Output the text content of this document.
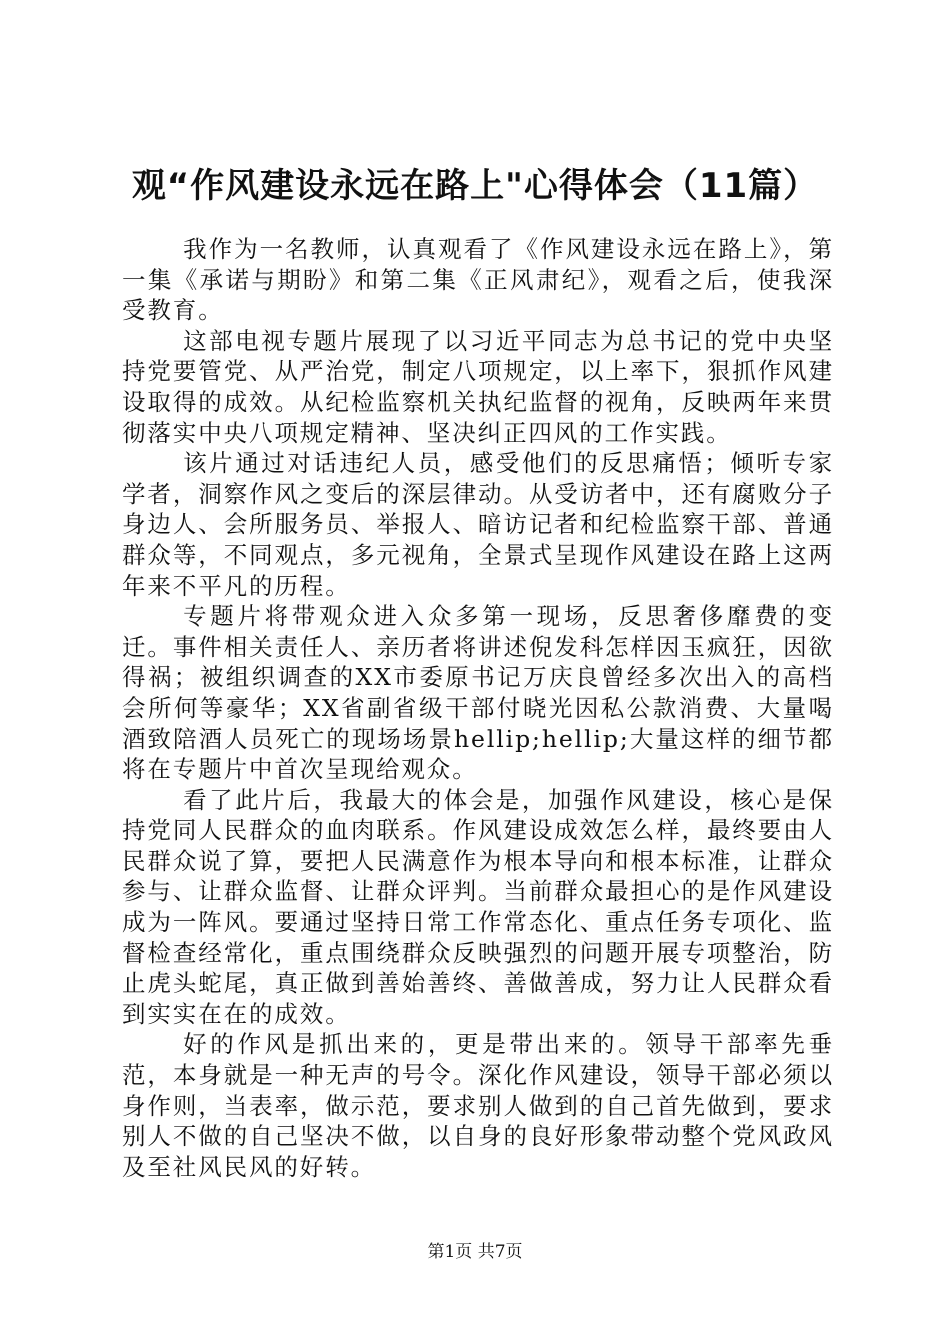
观“作风建设永远在路上"心得体会（11篇）

我作为一名教师，认真观看了《作风建设永远在路上》，第一集《承诺与期盼》和第二集《正风肃纪》，观看之后，使我深受教育。

这部电视专题片展现了以习近平同志为总书记的党中央坚持党要管党、从严治党，制定八项规定，以上率下，狠抓作风建设取得的成效。从纪检监察机关执纪监督的视角，反映两年来贯彻落实中央八项规定精神、坚决纠正四风的工作实践。

该片通过对话违纪人员，感受他们的反思痛悟；倾听专家学者，洞察作风之变后的深层律动。从受访者中，还有腐败分子身边人、会所服务员、举报人、暗访记者和纪检监察干部、普通群众等，不同观点，多元视角，全景式呈现作风建设在路上这两年来不平凡的历程。

专题片将带观众进入众多第一现场，反思奢侈靡费的变迁。事件相关责任人、亲历者将讲述倪发科怎样因玉疯狂，因欲得祸；被组织调查的XX市委原书记万庆良曾经多次出入的高档会所何等豪华；XX省副省级干部付晓光因私公款消费、大量喝酒致陪酒人员死亡的现场场景hellip;hellip;大量这样的细节都将在专题片中首次呈现给观众。

看了此片后，我最大的体会是，加强作风建设，核心是保持党同人民群众的血肉联系。作风建设成效怎么样，最终要由人民群众说了算，要把人民满意作为根本导向和根本标准，让群众参与、让群众监督、让群众评判。当前群众最担心的是作风建设成为一阵风。要通过坚持日常工作常态化、重点任务专项化、监督检查经常化，重点围绕群众反映强烈的问题开展专项整治，防止虎头蛇尾，真正做到善始善终、善做善成，努力让人民群众看到实实在在的成效。

好的作风是抓出来的，更是带出来的。领导干部率先垂范，本身就是一种无声的号令。深化作风建设，领导干部必须以身作则，当表率，做示范，要求别人做到的自己首先做到，要求别人不做的自己坚决不做，以自身的良好形象带动整个党风政风及至社风民风的好转。

第1页 共7页
